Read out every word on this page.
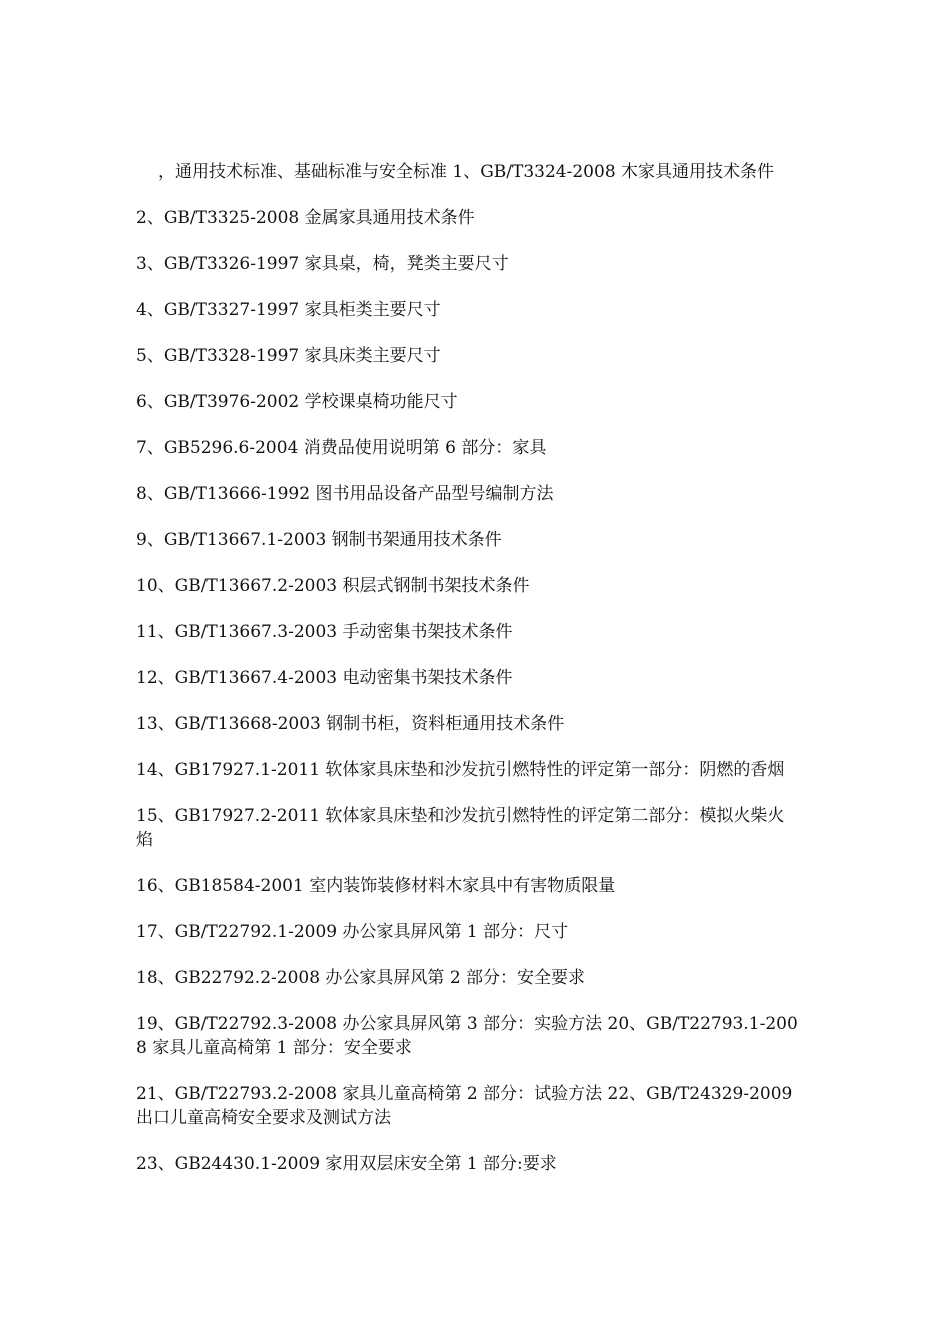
，通用技术标准、基础标准与安全标准 1、GB/T3324-2008 木家具通用技术条件

2、GB/T3325-2008 金属家具通用技术条件

3、GB/T3326-1997 家具桌，椅，凳类主要尺寸

4、GB/T3327-1997 家具柜类主要尺寸

5、GB/T3328-1997 家具床类主要尺寸

6、GB/T3976-2002 学校课桌椅功能尺寸

7、GB5296.6-2004 消费品使用说明第 6 部分：家具

8、GB/T13666-1992 图书用品设备产品型号编制方法

9、GB/T13667.1-2003 钢制书架通用技术条件

10、GB/T13667.2-2003 积层式钢制书架技术条件

11、GB/T13667.3-2003 手动密集书架技术条件

12、GB/T13667.4-2003 电动密集书架技术条件

13、GB/T13668-2003 钢制书柜，资料柜通用技术条件

14、GB17927.1-2011 软体家具床垫和沙发抗引燃特性的评定第一部分：阴燃的香烟

15、GB17927.2-2011 软体家具床垫和沙发抗引燃特性的评定第二部分：模拟火柴火焰

16、GB18584-2001 室内装饰装修材料木家具中有害物质限量

17、GB/T22792.1-2009 办公家具屏风第 1 部分：尺寸

18、GB22792.2-2008 办公家具屏风第 2 部分：安全要求

19、GB/T22792.3-2008 办公家具屏风第 3 部分：实验方法 20、GB/T22793.1-2008 家具儿童高椅第 1 部分：安全要求

21、GB/T22793.2-2008 家具儿童高椅第 2 部分：试验方法 22、GB/T24329-2009 出口儿童高椅安全要求及测试方法

23、GB24430.1-2009 家用双层床安全第 1 部分:要求
